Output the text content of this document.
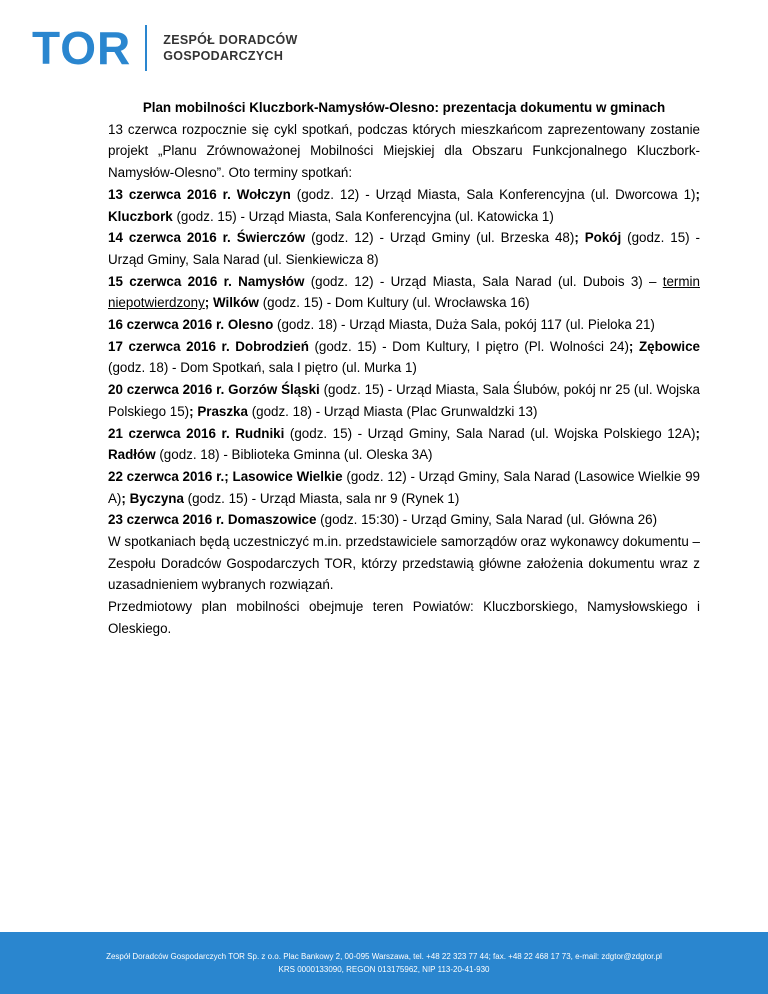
TOR	ZESPÓŁ DORADCÓW
GOSPODARCZYCH
Plan mobilności Kluczbork-Namysłów-Olesno: prezentacja dokumentu w gminach

13 czerwca rozpocznie się cykl spotkań, podczas których mieszkańcom zaprezentowany zostanie projekt „Planu Zrównoważonej Mobilności Miejskiej dla Obszaru Funkcjonalnego Kluczbork-Namysłów-Olesno”. Oto terminy spotkań:

13 czerwca 2016 r. Wołczyn (godz. 12) - Urząd Miasta, Sala Konferencyjna (ul. Dworcowa 1); Kluczbork (godz. 15) - Urząd Miasta, Sala Konferencyjna (ul. Katowicka 1)

14 czerwca 2016 r. Świerczów (godz. 12) - Urząd Gminy (ul. Brzeska 48); Pokój (godz. 15) - Urząd Gminy, Sala Narad (ul. Sienkiewicza 8)

15 czerwca 2016 r. Namysłów (godz. 12) - Urząd Miasta, Sala Narad (ul. Dubois 3) – termin niepotwierdzony; Wilków (godz. 15) - Dom Kultury (ul. Wrocławska 16)

16 czerwca 2016 r. Olesno (godz. 18) - Urząd Miasta, Duża Sala, pokój 117 (ul. Pieloka 21)

17 czerwca 2016 r. Dobrodzień (godz. 15) - Dom Kultury, I piętro (Pl. Wolności 24); Zębowice (godz. 18) - Dom Spotkań, sala I piętro (ul. Murka 1)

20 czerwca 2016 r. Gorzów Śląski (godz. 15) - Urząd Miasta, Sala Ślubów, pokój nr 25 (ul. Wojska Polskiego 15); Praszka (godz. 18) - Urząd Miasta (Plac Grunwaldzki 13)

21 czerwca 2016 r. Rudniki (godz. 15) - Urząd Gminy, Sala Narad (ul. Wojska Polskiego 12A); Radłów (godz. 18) - Biblioteka Gminna (ul. Oleska 3A)

22 czerwca 2016 r.; Lasowice Wielkie (godz. 12) - Urząd Gminy, Sala Narad (Lasowice Wielkie 99 A); Byczyna (godz. 15) - Urząd Miasta, sala nr 9 (Rynek 1)

23 czerwca 2016 r. Domaszowice (godz. 15:30) - Urząd Gminy, Sala Narad (ul. Główna 26)

W spotkaniach będą uczestniczyć m.in. przedstawiciele samorządów oraz wykonawcy dokumentu – Zespołu Doradców Gospodarczych TOR, którzy przedstawią główne założenia dokumentu wraz z uzasadnieniem wybranych rozwiązań.

Przedmiotowy plan mobilności obejmuje teren Powiatów: Kluczborskiego, Namysłowskiego i Oleskiego.

Zespół Doradców Gospodarczych TOR Sp. z o.o. Plac Bankowy 2, 00-095 Warszawa, tel. +48 22 323 77 44; fax. +48 22 468 17 73, e-mail: zdgtor@zdgtor.pl
KRS 0000133090, REGON 013175962, NIP 113-20-41-930
